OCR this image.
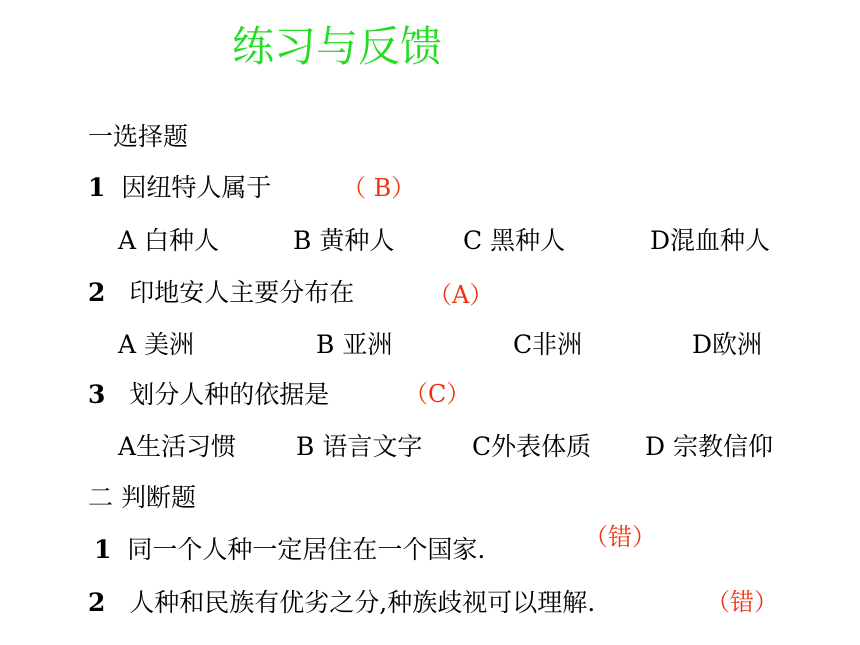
练习与反馈
一选择题
1 因纽特人属于	（ B）
A 白种人	B 黄种人	C 黑种人	D混血种人
2 印地安人主要分布在	（A）
A 美洲	B 亚洲	C非洲	D欧洲
3 划分人种的依据是	（C）
A生活习惯 B 语言文字 C外表体质 D 宗教信仰
二 判断题
1 同一个人种一定居住在一个国家.	（错）
2 人种和民族有优劣之分,种族歧视可以理解.	（错）
